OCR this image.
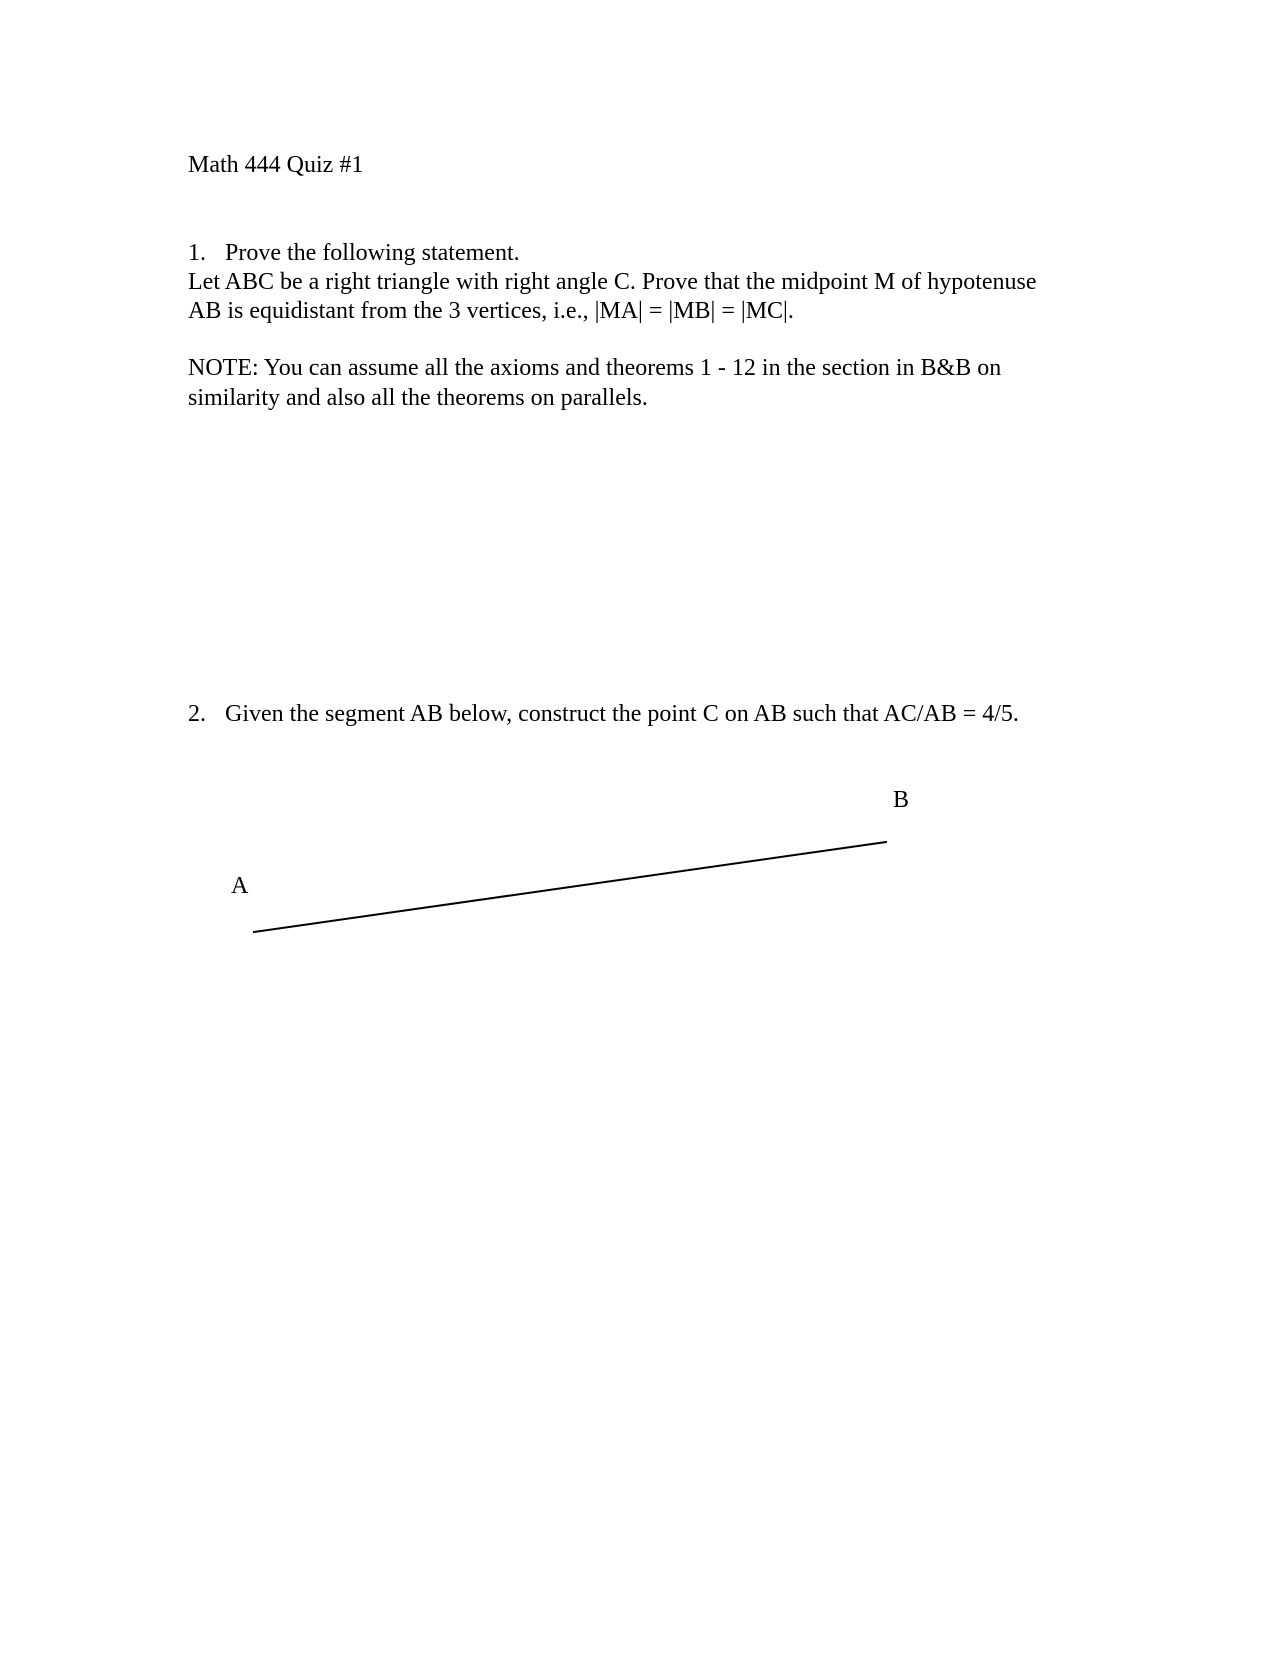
Math 444 Quiz #1

1. Prove the following statement.

Let ABC be a right triangle with right angle C. Prove that the midpoint M of hypotenuse

AB is equidistant from the 3 vertices, i.e., |MA| = |MB| = |MC|.

NOTE: You can assume all the axioms and theorems 1 - 12 in the section in B&B on

similarity and also all the theorems on parallels.

2. Given the segment AB below, construct the point C on AB such that AC/AB = 4/5.

A

B
